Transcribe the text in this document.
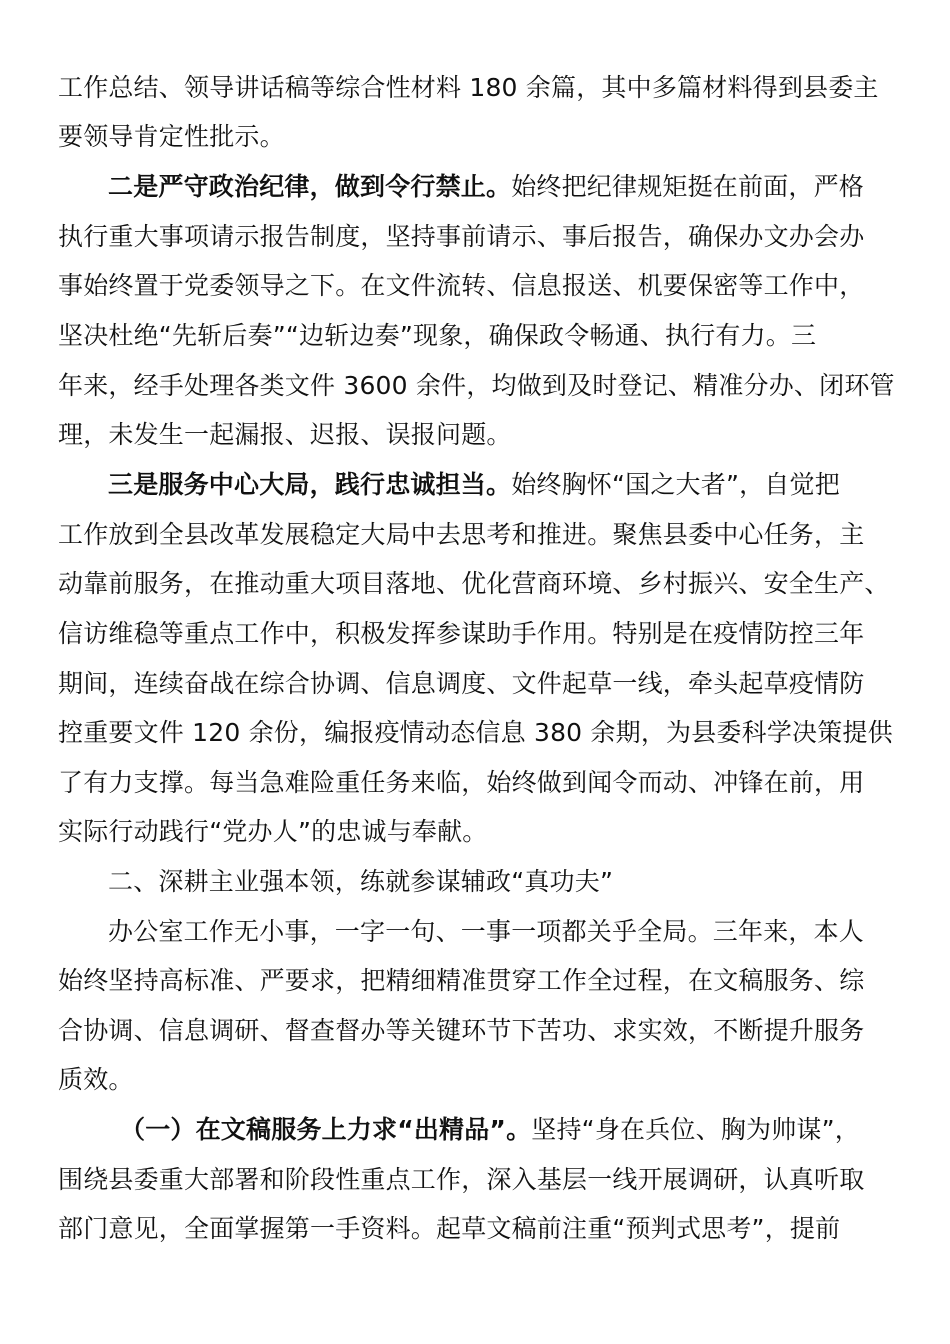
工作总结、领导讲话稿等综合性材料 180 余篇，其中多篇材料得到县委主
要领导肯定性批示。
二是严守政治纪律，做到令行禁止。始终把纪律规矩挺在前面，严格
执行重大事项请示报告制度，坚持事前请示、事后报告，确保办文办会办
事始终置于党委领导之下。在文件流转、信息报送、机要保密等工作中，
坚决杜绝“先斩后奏”“边斩边奏”现象，确保政令畅通、执行有力。三
年来，经手处理各类文件 3600 余件，均做到及时登记、精准分办、闭环管
理，未发生一起漏报、迟报、误报问题。
三是服务中心大局，践行忠诚担当。始终胸怀“国之大者”，自觉把
工作放到全县改革发展稳定大局中去思考和推进。聚焦县委中心任务，主
动靠前服务，在推动重大项目落地、优化营商环境、乡村振兴、安全生产、
信访维稳等重点工作中，积极发挥参谋助手作用。特别是在疫情防控三年
期间，连续奋战在综合协调、信息调度、文件起草一线，牵头起草疫情防
控重要文件 120 余份，编报疫情动态信息 380 余期，为县委科学决策提供
了有力支撑。每当急难险重任务来临，始终做到闻令而动、冲锋在前，用
实际行动践行“党办人”的忠诚与奉献。
二、深耕主业强本领，练就参谋辅政“真功夫”
办公室工作无小事，一字一句、一事一项都关乎全局。三年来，本人
始终坚持高标准、严要求，把精细精准贯穿工作全过程，在文稿服务、综
合协调、信息调研、督查督办等关键环节下苦功、求实效，不断提升服务
质效。
（一）在文稿服务上力求“出精品”。坚持“身在兵位、胸为帅谋”，
围绕县委重大部署和阶段性重点工作，深入基层一线开展调研，认真听取
部门意见，全面掌握第一手资料。起草文稿前注重“预判式思考”，提前
